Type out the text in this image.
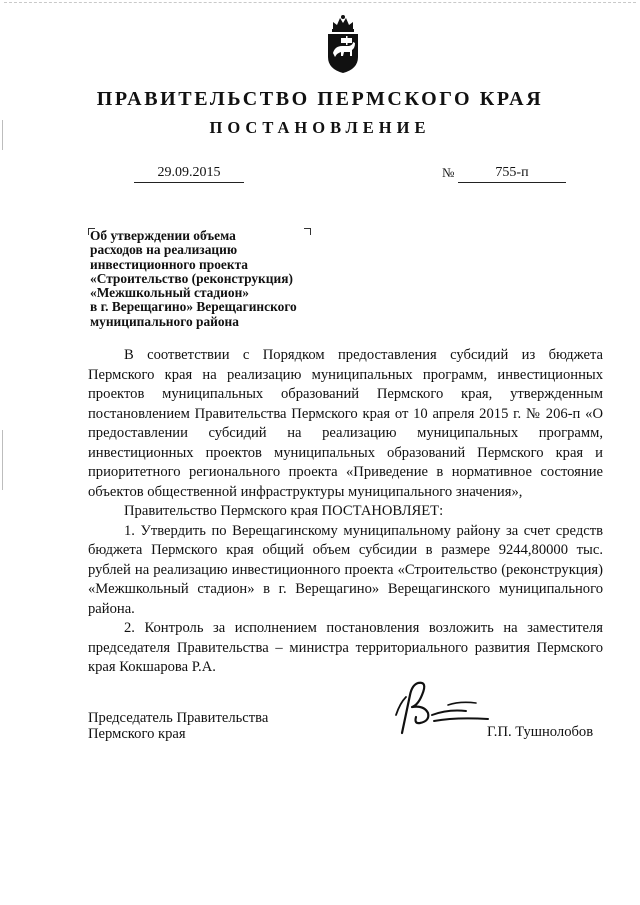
ПРАВИТЕЛЬСТВО ПЕРМСКОГО КРАЯ
ПОСТАНОВЛЕНИЕ
29.09.2015	№	755-п
Об утверждении объема
расходов на реализацию
инвестиционного проекта
«Строительство (реконструкция)
«Межшкольный стадион»
в г. Верещагино» Верещагинского
муниципального района

В соответствии с Порядком предоставления субсидий из бюджета Пермского края на реализацию муниципальных программ, инвестиционных проектов муниципальных образований Пермского края, утвержденным постановлением Правительства Пермского края от 10 апреля 2015 г. № 206-п «О предоставлении субсидий на реализацию муниципальных программ, инвестиционных проектов муниципальных образований Пермского края и приоритетного регионального проекта «Приведение в нормативное состояние объектов общественной инфраструктуры муниципального значения»,

Правительство Пермского края ПОСТАНОВЛЯЕТ:

1. Утвердить по Верещагинскому муниципальному району за счет средств бюджета Пермского края общий объем субсидии в размере 9244,80000 тыс. рублей на реализацию инвестиционного проекта «Строительство (реконструкция) «Межшкольный стадион» в г. Верещагино» Верещагинского муниципального района.

2. Контроль за исполнением постановления возложить на заместителя председателя Правительства – министра территориального развития Пермского края Кокшарова Р.А.

Председатель Правительства
Пермского края	Г.П. Тушнолобов
